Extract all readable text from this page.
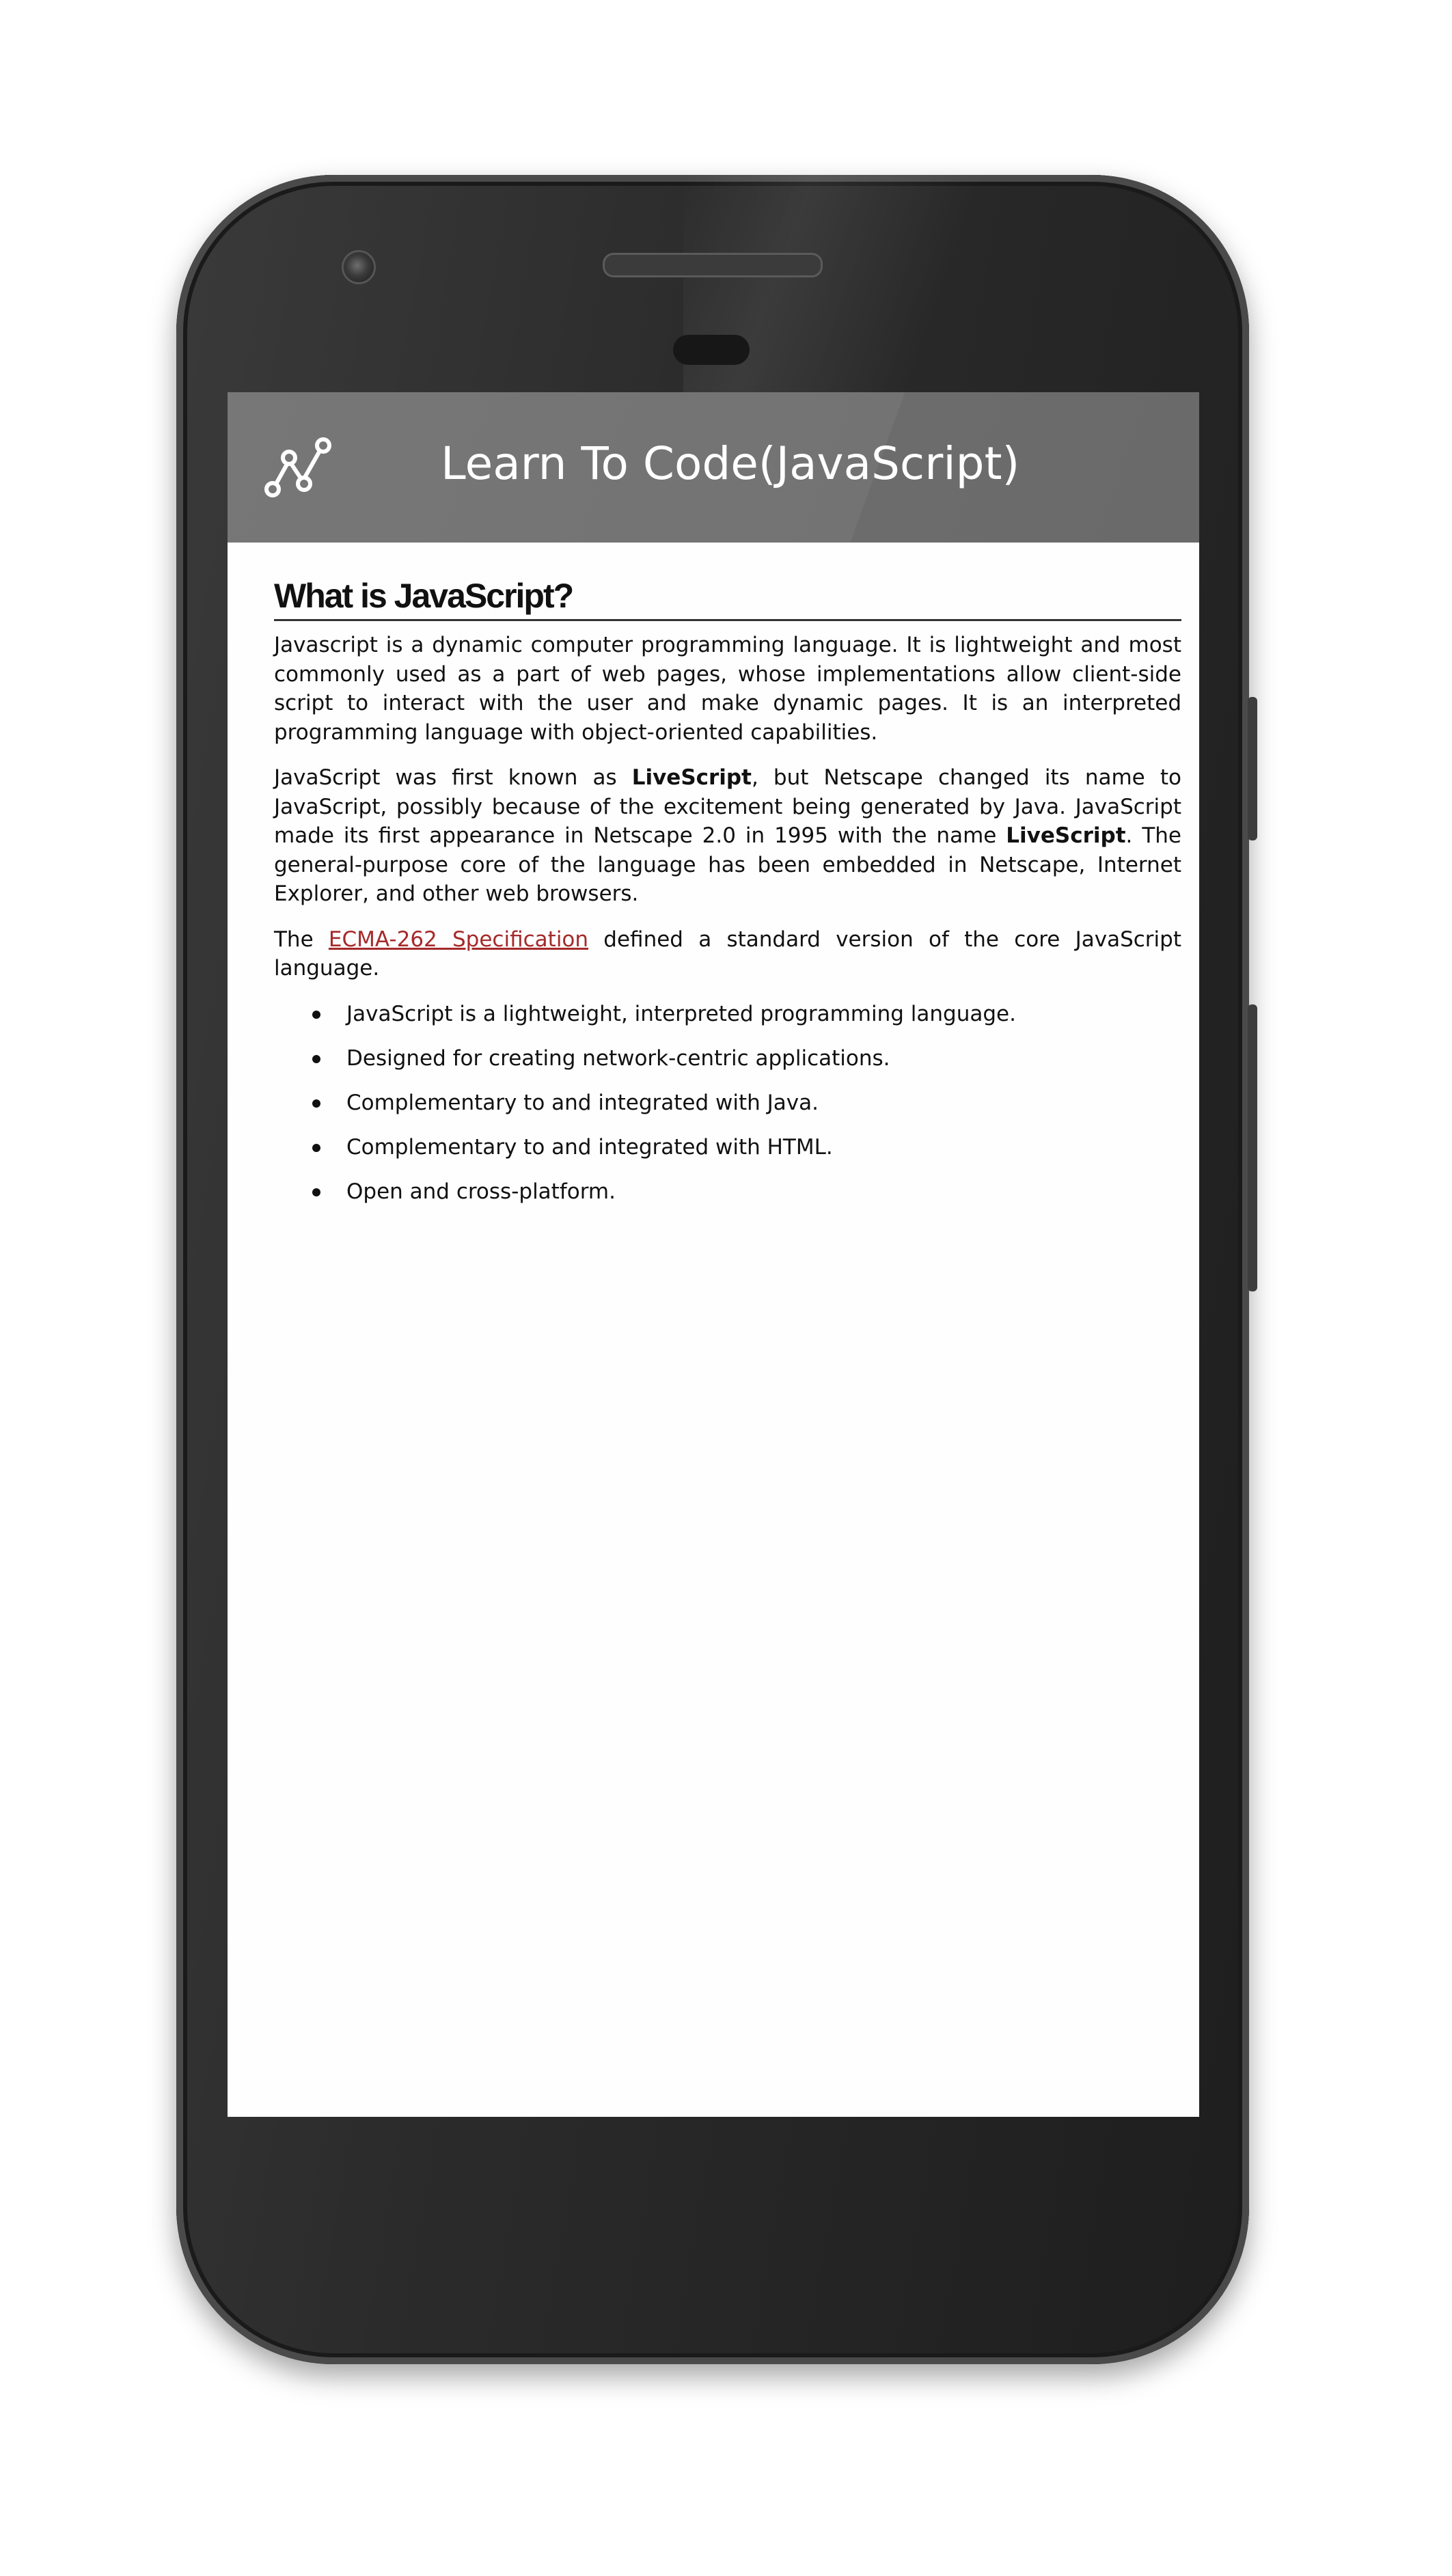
Learn To Code(JavaScript)
What is JavaScript?

Javascript is a dynamic computer programming language. It is lightweight and most commonly used as a part of web pages, whose implementations allow client-side script to interact with the user and make dynamic pages. It is an interpreted programming language with object-oriented capabilities.

JavaScript was first known as LiveScript, but Netscape changed its name to JavaScript, possibly because of the excitement being generated by Java. JavaScript made its first appearance in Netscape 2.0 in 1995 with the name LiveScript. The general-purpose core of the language has been embedded in Netscape, Internet Explorer, and other web browsers.

The ECMA-262 Specification defined a standard version of the core JavaScript language.

JavaScript is a lightweight, interpreted programming language.
Designed for creating network-centric applications.
Complementary to and integrated with Java.
Complementary to and integrated with HTML.
Open and cross-platform.
